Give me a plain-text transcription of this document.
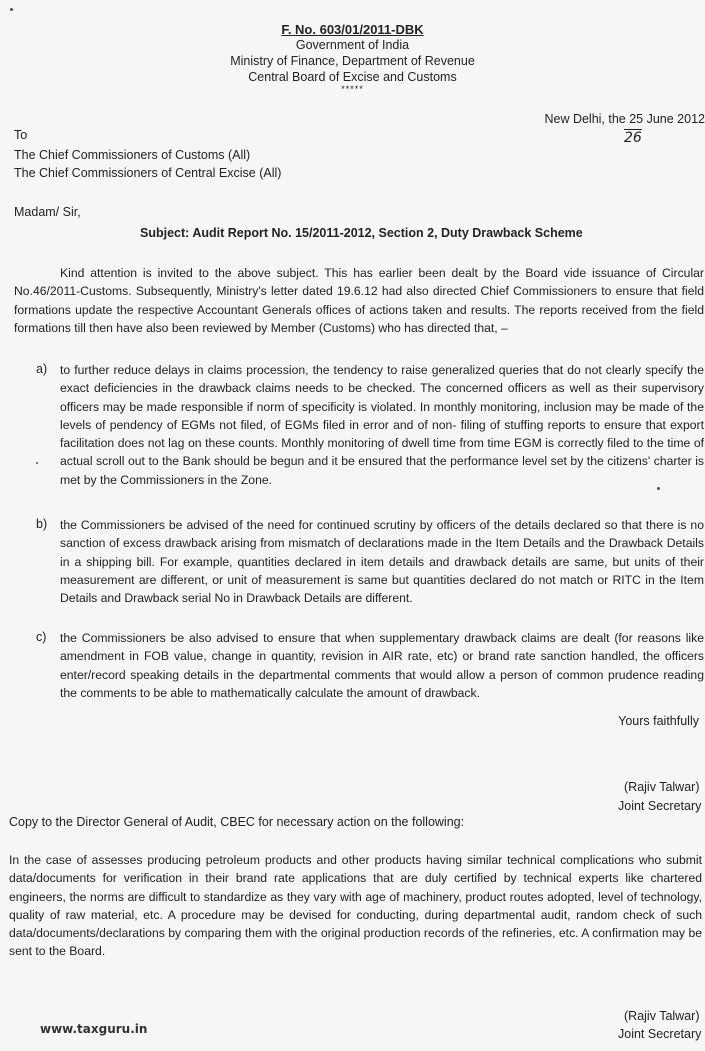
F. No. 603/01/2011-DBK
Government of India
Ministry of Finance, Department of Revenue
Central Board of Excise and Customs
*****
New Delhi, the 25 June 2012
26
To
The Chief Commissioners of Customs (All)
The Chief Commissioners of Central Excise (All)
Madam/ Sir,
Subject: Audit Report No. 15/2011-2012, Section 2, Duty Drawback Scheme
Kind attention is invited to the above subject. This has earlier been dealt by the Board vide issuance of Circular No.46/2011-Customs. Subsequently, Ministry's letter dated 19.6.12 had also directed Chief Commissioners to ensure that field formations update the respective Accountant Generals offices of actions taken and results. The reports received from the field formations till then have also been reviewed by Member (Customs) who has directed that, –
a) to further reduce delays in claims procession, the tendency to raise generalized queries that do not clearly specify the exact deficiencies in the drawback claims needs to be checked. The concerned officers as well as their supervisory officers may be made responsible if norm of specificity is violated. In monthly monitoring, inclusion may be made of the levels of pendency of EGMs not filed, of EGMs filed in error and of non- filing of stuffing reports to ensure that export facilitation does not lag on these counts. Monthly monitoring of dwell time from time EGM is correctly filed to the time of actual scroll out to the Bank should be begun and it be ensured that the performance level set by the citizens' charter is met by the Commissioners in the Zone.
b) the Commissioners be advised of the need for continued scrutiny by officers of the details declared so that there is no sanction of excess drawback arising from mismatch of declarations made in the Item Details and the Drawback Details in a shipping bill. For example, quantities declared in item details and drawback details are same, but units of their measurement are different, or unit of measurement is same but quantities declared do not match or RITC in the Item Details and Drawback serial No in Drawback Details are different.
c) the Commissioners be also advised to ensure that when supplementary drawback claims are dealt (for reasons like amendment in FOB value, change in quantity, revision in AIR rate, etc) or brand rate sanction handled, the officers enter/record speaking details in the departmental comments that would allow a person of common prudence reading the comments to be able to mathematically calculate the amount of drawback.
Yours faithfully
(Rajiv Talwar)
Joint Secretary
Copy to the Director General of Audit, CBEC for necessary action on the following:
In the case of assesses producing petroleum products and other products having similar technical complications who submit data/documents for verification in their brand rate applications that are duly certified by technical experts like chartered engineers, the norms are difficult to standardize as they vary with age of machinery, product routes adopted, level of technology, quality of raw material, etc. A procedure may be devised for conducting, during departmental audit, random check of such data/documents/declarations by comparing them with the original production records of the refineries, etc. A confirmation may be sent to the Board.
(Rajiv Talwar)
Joint Secretary
www.taxguru.in
